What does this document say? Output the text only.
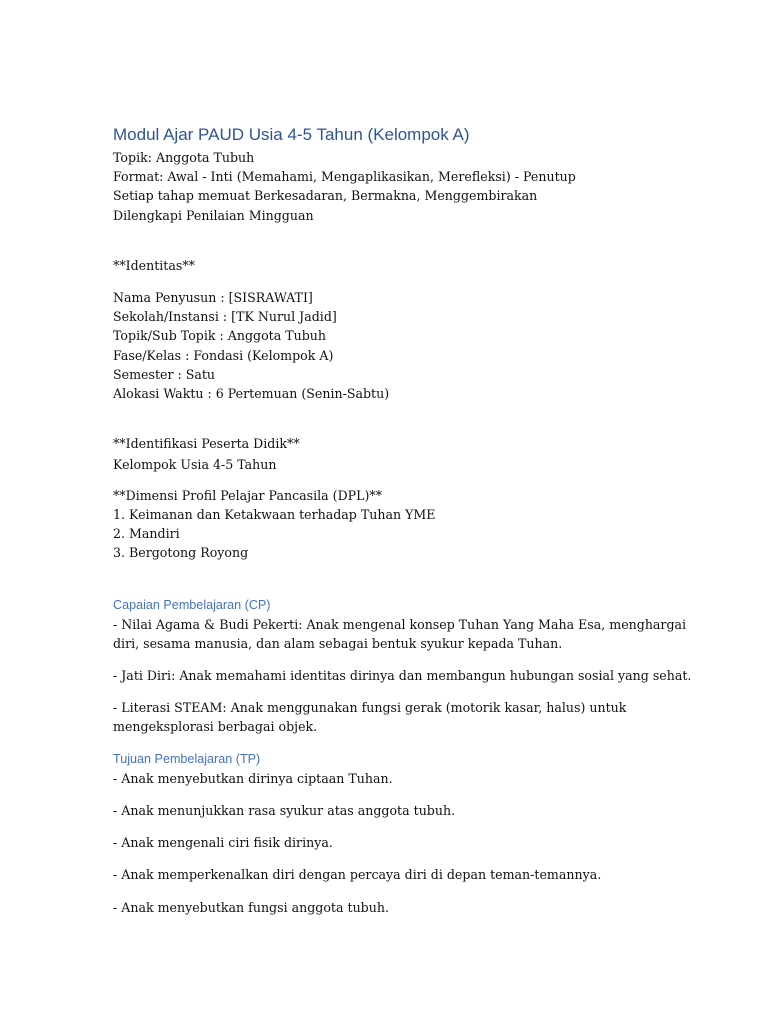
Modul Ajar PAUD Usia 4-5 Tahun (Kelompok A)
Topik: Anggota Tubuh
Format: Awal - Inti (Memahami, Mengaplikasikan, Merefleksi) - Penutup
Setiap tahap memuat Berkesadaran, Bermakna, Menggembirakan
Dilengkapi Penilaian Mingguan
**Identitas**
Nama Penyusun : [SISRAWATI]
Sekolah/Instansi : [TK Nurul Jadid]
Topik/Sub Topik : Anggota Tubuh
Fase/Kelas : Fondasi (Kelompok A)
Semester : Satu
Alokasi Waktu : 6 Pertemuan (Senin-Sabtu)
**Identifikasi Peserta Didik**
Kelompok Usia 4-5 Tahun
**Dimensi Profil Pelajar Pancasila (DPL)**
1. Keimanan dan Ketakwaan terhadap Tuhan YME
2. Mandiri
3. Bergotong Royong
Capaian Pembelajaran (CP)
- Nilai Agama & Budi Pekerti: Anak mengenal konsep Tuhan Yang Maha Esa, menghargai
diri, sesama manusia, dan alam sebagai bentuk syukur kepada Tuhan.
- Jati Diri: Anak memahami identitas dirinya dan membangun hubungan sosial yang sehat.
- Literasi STEAM: Anak menggunakan fungsi gerak (motorik kasar, halus) untuk
mengeksplorasi berbagai objek.
Tujuan Pembelajaran (TP)
- Anak menyebutkan dirinya ciptaan Tuhan.
- Anak menunjukkan rasa syukur atas anggota tubuh.
- Anak mengenali ciri fisik dirinya.
- Anak memperkenalkan diri dengan percaya diri di depan teman-temannya.
- Anak menyebutkan fungsi anggota tubuh.
